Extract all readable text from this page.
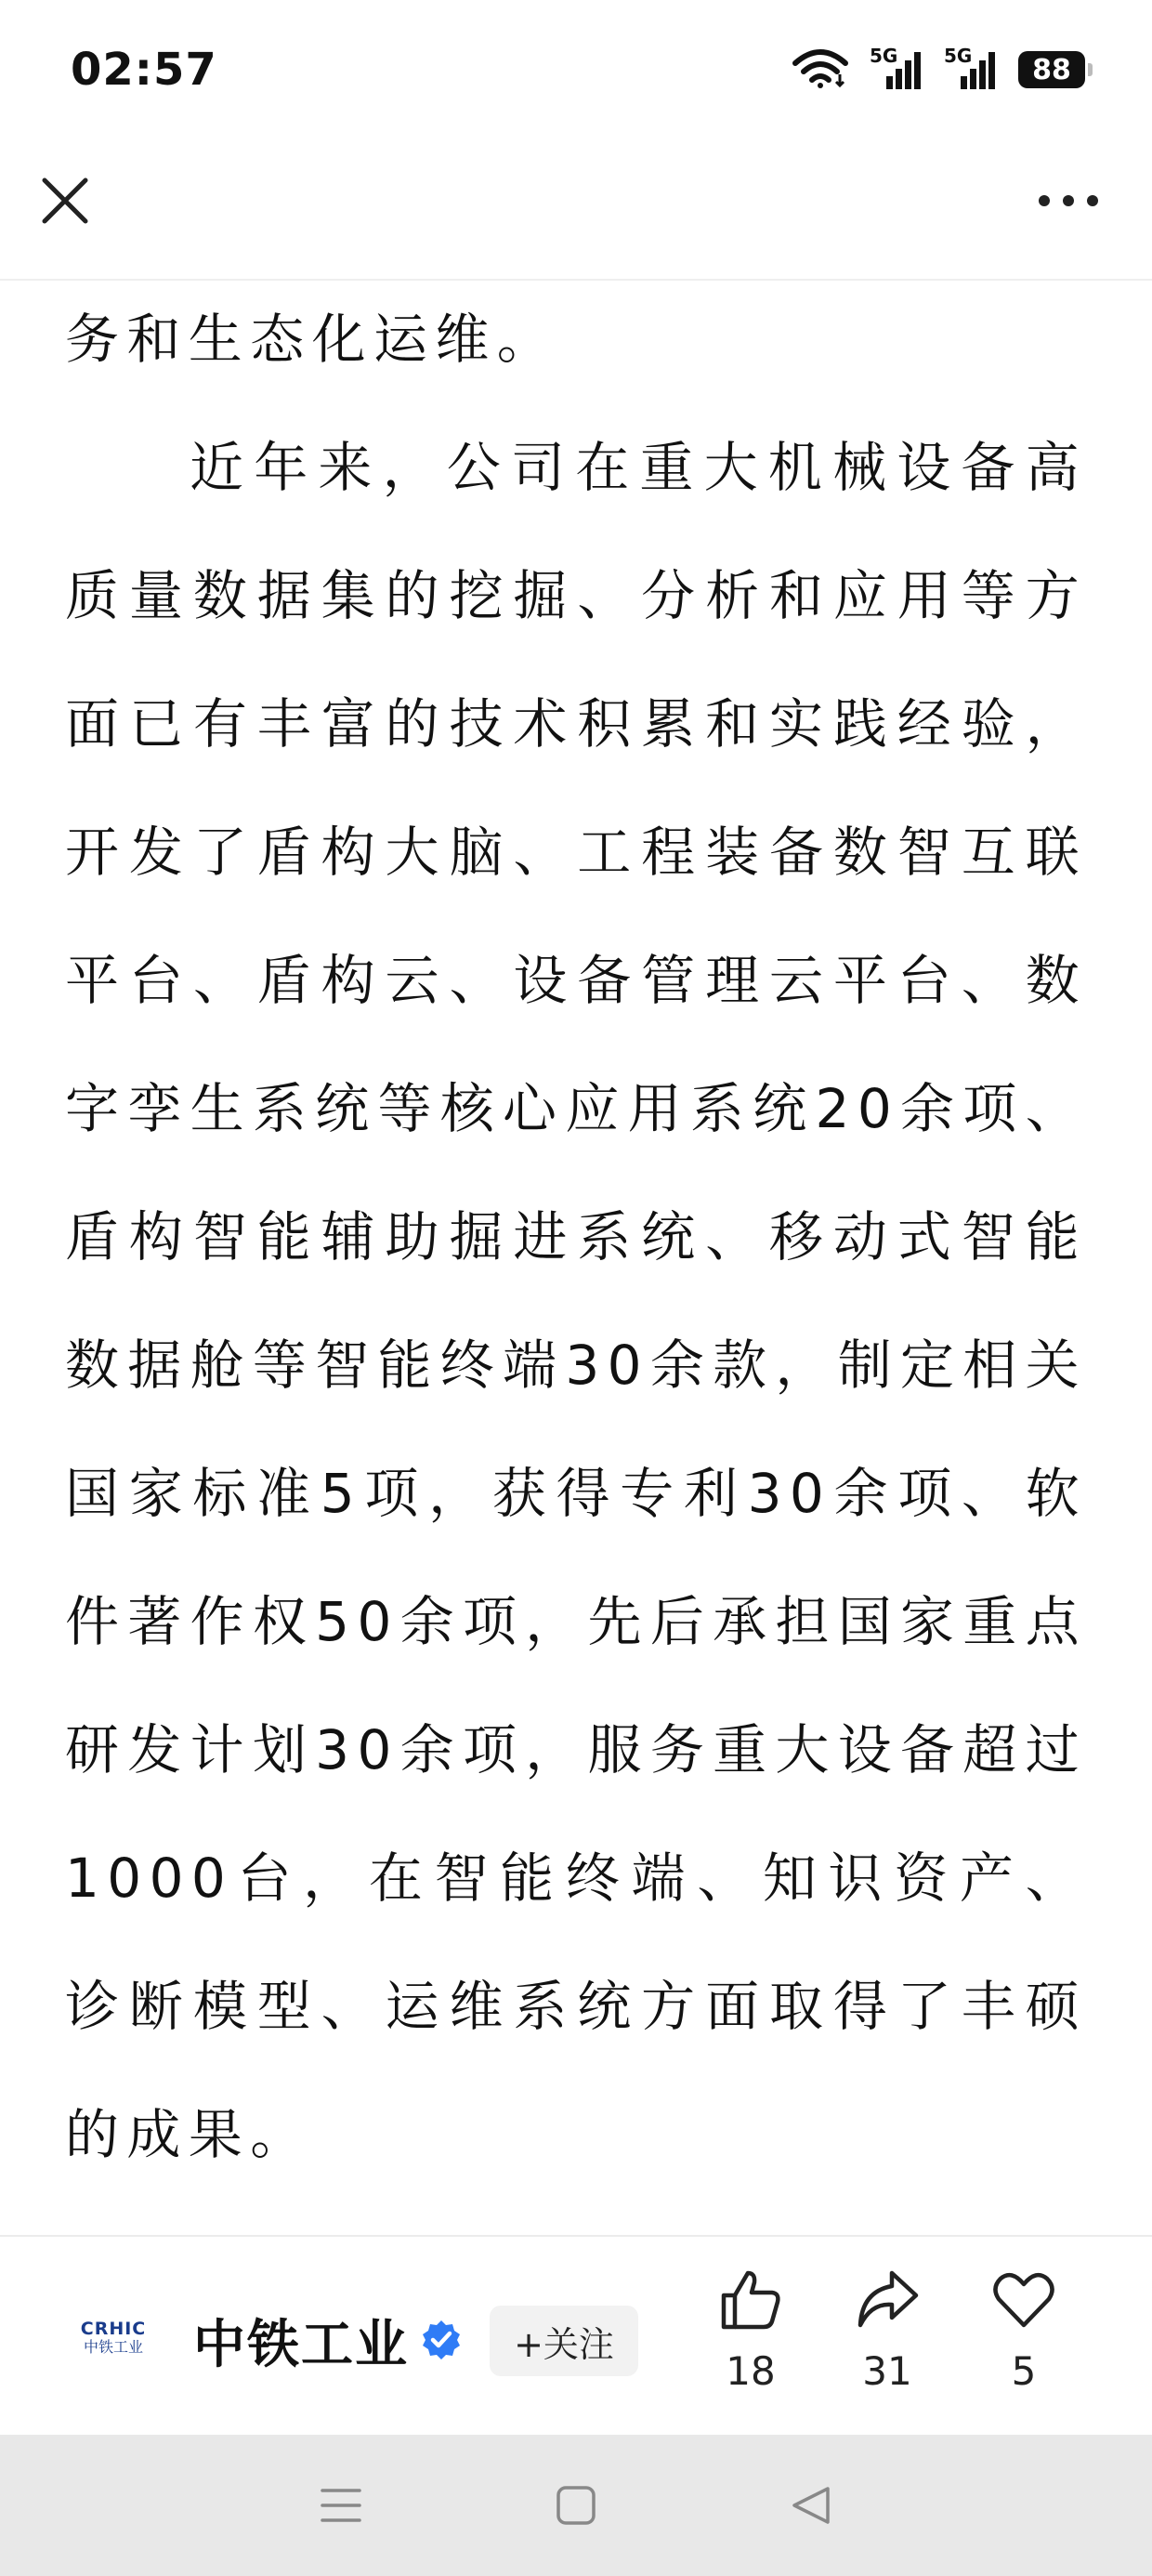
02:57	5G 5G	88

务和生态化运维。

近年来，公司在重大机械设备高质量数据集的挖掘、分析和应用等方面已有丰富的技术积累和实践经验，开发了盾构大脑、工程装备数智互联平台、盾构云、设备管理云平台、数字孪生系统等核心应用系统20余项、盾构智能辅助掘进系统、移动式智能数据舱等智能终端30余款，制定相关国家标准5项，获得专利30余项、软件著作权50余项，先后承担国家重点研发计划30余项，服务重大设备超过1000台，在智能终端、知识资产、诊断模型、运维系统方面取得了丰硕的成果。

CRHIC
中铁工业 中铁工业	+关注
18 31	5
